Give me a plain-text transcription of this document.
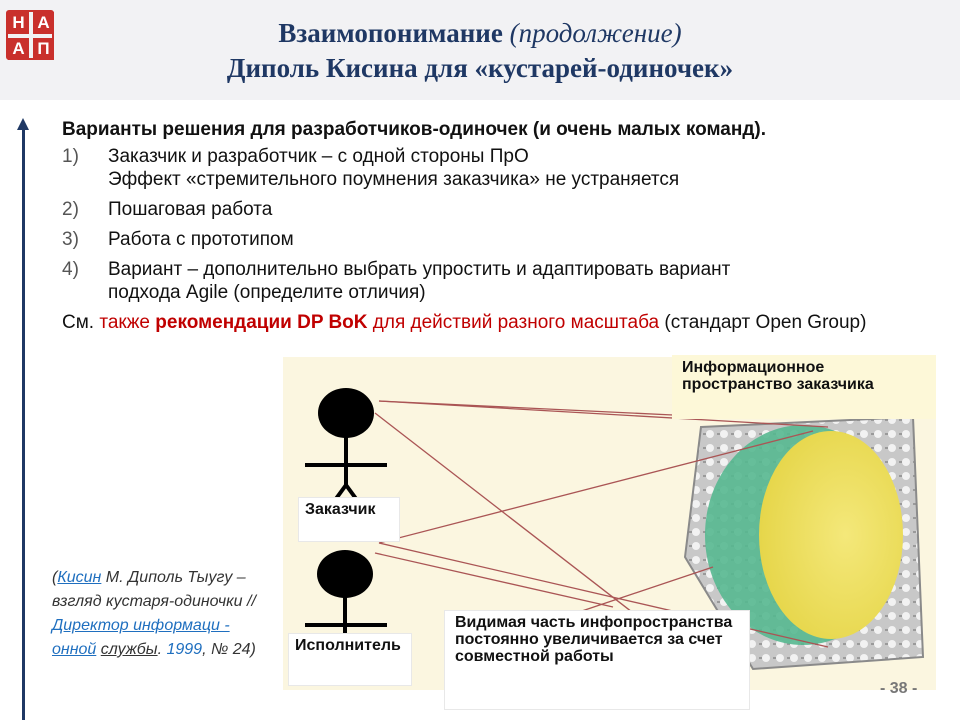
Н А
А П
Взаимопонимание (продолжение)
Диполь Кисина для «кустарей-одиночек»
Варианты решения для разработчиков-одиночек (и очень малых команд).
1) Заказчик и разработчик – с одной стороны ПрО
Эффект «стремительного поумнения заказчика» не устраняется
2) Пошаговая работа
3) Работа с прототипом
4) Вариант – дополнительно выбрать упростить и адаптировать вариант
подхода Agile (определите отличия)
См. также рекомендации DP BoK для действий разного масштаба (стандарт Open Group)
(Кисин М. Диполь Тыугу – взгляд кустаря-одиночки // Директор информаци - онной службы. 1999, № 24)
Заказчик
Исполнитель
Информационное пространство заказчика
Видимая часть инфопространства постоянно увеличивается за счет совместной работы
- 38 -
